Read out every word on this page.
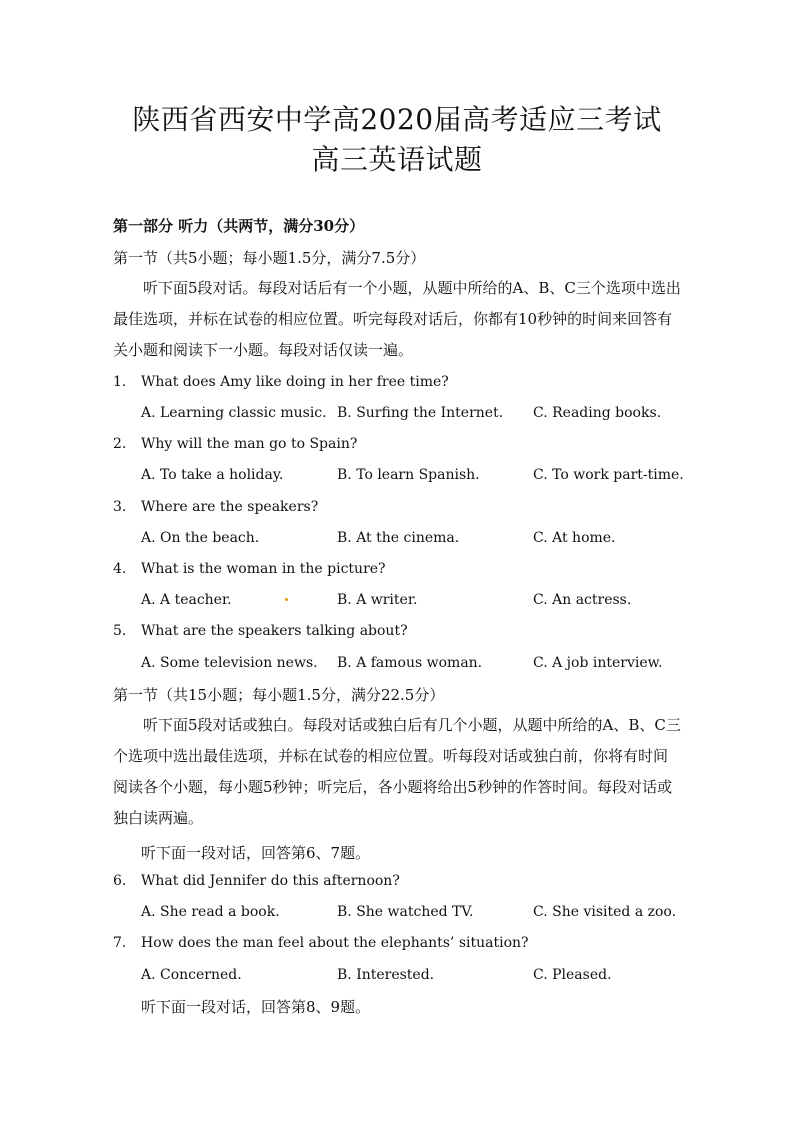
陕西省西安中学高2020届高考适应三考试
高三英语试题
第一部分 听力（共两节，满分30分）
第一节（共5小题；每小题1.5分，满分7.5分）
听下面5段对话。每段对话后有一个小题，从题中所给的A、B、C三个选项中选出最佳选项，并标在试卷的相应位置。听完每段对话后，你都有10秒钟的时间来回答有关小题和阅读下一小题。每段对话仅读一遍。
1. What does Amy like doing in her free time?
A. Learning classic music. B. Surfing the Internet. C. Reading books.
2. Why will the man go to Spain?
A. To take a holiday.	B. To learn Spanish.	C. To work part-time.
3. Where are the speakers?
A. On the beach.	B. At the cinema.	C. At home.
4. What is the woman in the picture?
A. A teacher.	B. A writer.	C. An actress.
5. What are the speakers talking about?
A. Some television news. B. A famous woman.	C. A job interview.
第一节（共15小题；每小题1.5分，满分22.5分）
听下面5段对话或独白。每段对话或独白后有几个小题，从题中所给的A、B、C三个选项中选出最佳选项，并标在试卷的相应位置。听每段对话或独白前，你将有时间阅读各个小题，每小题5秒钟；听完后，各小题将给出5秒钟的作答时间。每段对话或独白读两遍。
听下面一段对话，回答第6、7题。
6. What did Jennifer do this afternoon?
A. She read a book.	B. She watched TV.	C. She visited a zoo.
7. How does the man feel about the elephants’ situation?
A. Concerned.	B. Interested.	C. Pleased.
听下面一段对话，回答第8、9题。
